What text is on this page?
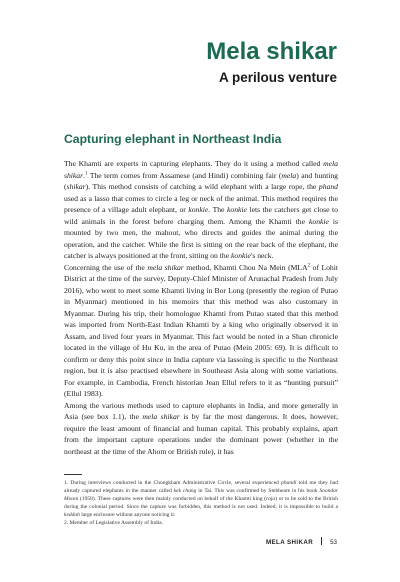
Mela shikar
A perilous venture
Capturing elephant in Northeast India

The Khamti are experts in capturing elephants. They do it using a method called mela shikar.$^1$ The term comes from Assamese (and Hindi) combining fair (mela) and hunting (shikar). This method consists of catching a wild elephant with a large rope, the phand used as a lasso that comes to circle a leg or neck of the animal. This method requires the presence of a village adult elephant, or konkie. The konkie lets the catchers get close to wild animals in the forest before charging them. Among the Khamti the konkie is mounted by two men, the mahout, who directs and guides the animal during the operation, and the catcher. While the first is sitting on the rear back of the elephant, the catcher is always positioned at the front, sitting on the konkie's neck.

Concerning the use of the mela shikar method, Khamti Chou Na Mein (MLA$^2$ of Lohit District at the time of the survey, Deputy-Chief Minister of Arunachal Pradesh from July 2016), who went to meet some Khamti living in Bor Long (presently the region of Putao in Myanmar) mentioned in his memoirs that this method was also customary in Myanmar. During his trip, their homologue Khamti from Putao stated that this method was imported from North-East Indian Khamti by a king who originally observed it in Assam, and lived four years in Myanmar. This fact would be noted in a Shan chronicle located in the village of Hu Ku, in the area of Putao (Mein 2005: 69). It is difficult to confirm or deny this point since in India capture via lassoing is specific to the Northeast region, but it is also practised elsewhere in Southeast Asia along with some variations. For example, in Cambodia, French historian Jean Ellul refers to it as “hunting pursuit” (Ellul 1983).

Among the various methods used to capture elephants in India, and more generally in Asia (see box 1.1), the mela shikar is by far the most dangerous. It does, however, require the least amount of financial and human capital. This probably explains, apart from the important capture operations under the dominant power (whether in the northeast at the time of the Ahom or British rule), it has

1. During interviews conducted in the Chongkham Administrative Circle, several experienced phandi told me they had already captured elephants in the manner called kek chang in Tai. This was confirmed by Stebbeare in his book Soondar Mooni (1958). These captures were then mainly conducted on behalf of the Khamti king (raja) or to be sold to the British during the colonial period. Since the capture was forbidden, this method is not used. Indeed, it is impossible to build a keddah large enclosure without anyone noticing it.

2. Member of Legislative Assembly of India.

MELA SHIKAR	53
